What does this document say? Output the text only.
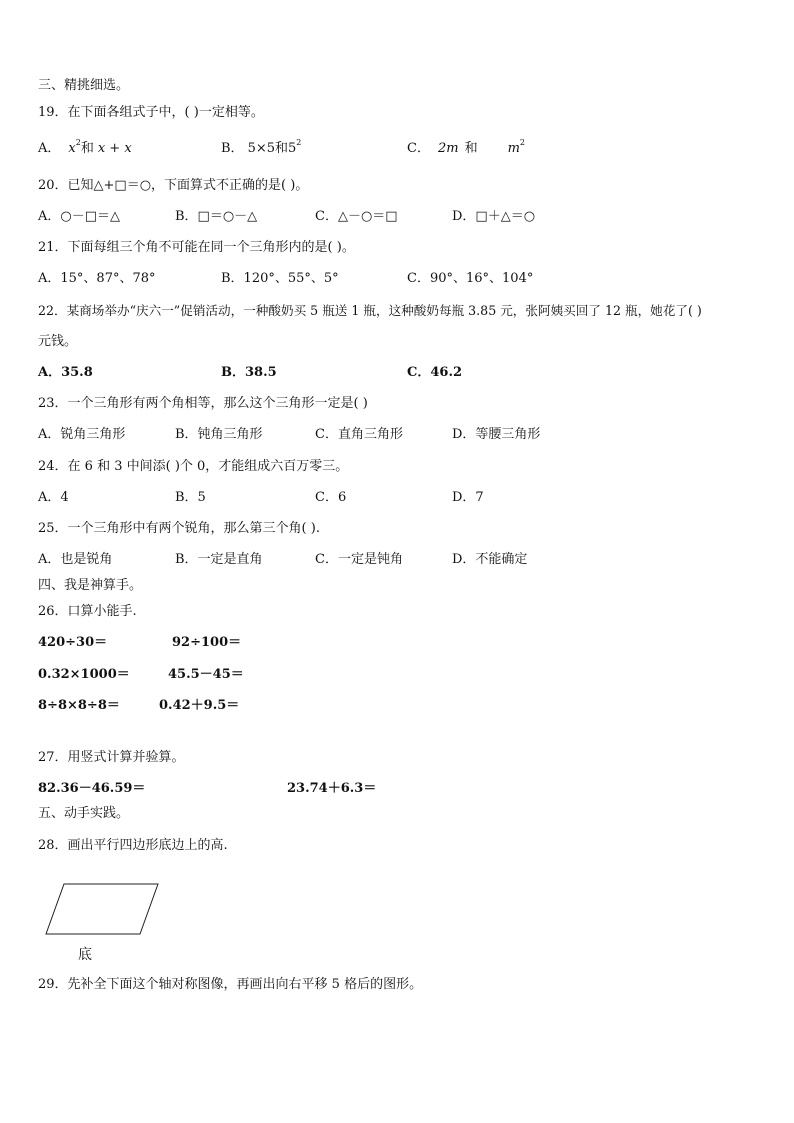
三、精挑细选。
19．在下面各组式子中，( )一定相等。
A． $x^2$和 x + x	B． 5×5和$5^2$	C． 2m 和 $m^2$
20．已知△+□＝○，下面算式不正确的是( )。
A．○－□＝△	B．□＝○－△	C．△－○＝□	D．□＋△＝○
21．下面每组三个角不可能在同一个三角形内的是( )。
A．15°、87°、78°	B．120°、55°、5°	C．90°、16°、104°
22．某商场举办“庆六一”促销活动，一种酸奶买 5 瓶送 1 瓶，这种酸奶每瓶 3.85 元，张阿姨买回了 12 瓶，她花了( )
元钱。
A．35.8	B．38.5	C．46.2
23．一个三角形有两个角相等，那么这个三角形一定是( )
A．锐角三角形	B．钝角三角形	C．直角三角形	D．等腰三角形
24．在 6 和 3 中间添( )个 0，才能组成六百万零三。
A．4	B．5	C．6	D．7
25．一个三角形中有两个锐角，那么第三个角( ).
A．也是锐角	B．一定是直角	C．一定是钝角	D．不能确定
四、我是神算手。
26．口算小能手.
420÷30＝	92÷100＝
0.32×1000＝	45.5－45＝
8÷8×8÷8＝	0.42＋9.5＝
27．用竖式计算并验算。
82.36－46.59＝	23.74＋6.3＝
五、动手实践。
28．画出平行四边形底边上的高.
底
29．先补全下面这个轴对称图像，再画出向右平移 5 格后的图形。
